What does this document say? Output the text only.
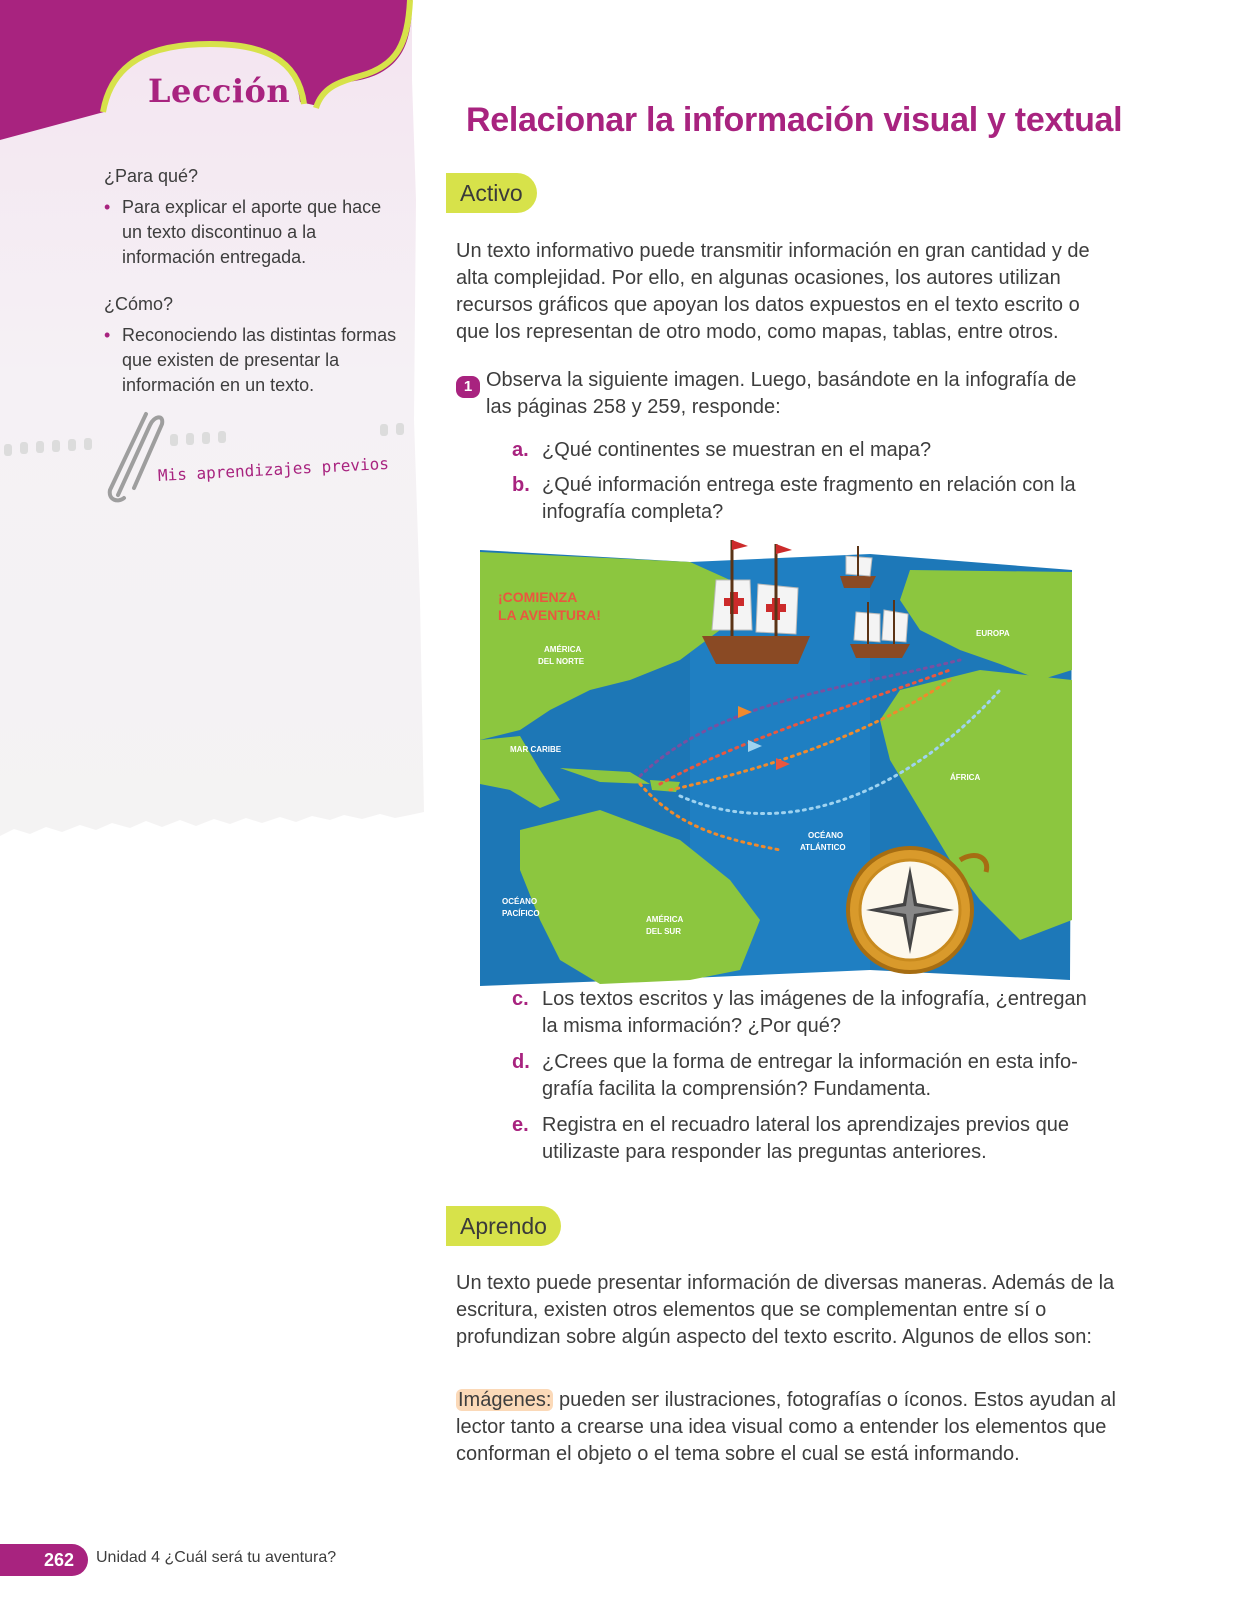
Lección
¿Para qué?
• Para explicar el aporte que hace un texto discontinuo a la información entregada.
¿Cómo?
• Reconociendo las distintas formas que existen de presentar la información en un texto.
Mis aprendizajes previos
Relacionar la información visual y textual
Activo
Un texto informativo puede transmitir información en gran cantidad y de alta complejidad. Por ello, en algunas ocasiones, los autores utilizan recursos gráficos que apoyan los datos expuestos en el texto escrito o que los representan de otro modo, como mapas, tablas, entre otros.
1 Observa la siguiente imagen. Luego, basándote en la infografía de las páginas 258 y 259, responde:
a. ¿Qué continentes se muestran en el mapa?
b. ¿Qué información entrega este fragmento en relación con la infografía completa?
¡COMIENZA
LA AVENTURA!
AMÉRICA
DEL NORTE
EUROPA
MAR CARIBE
ÁFRICA
OCÉANO
ATLÁNTICO
OCÉANO
PACÍFICO
AMÉRICA
DEL SUR
c. Los textos escritos y las imágenes de la infografía, ¿entregan la misma información? ¿Por qué?
d. ¿Crees que la forma de entregar la información en esta info-grafía facilita la comprensión? Fundamenta.
e. Registra en el recuadro lateral los aprendizajes previos que utilizaste para responder las preguntas anteriores.
Aprendo
Un texto puede presentar información de diversas maneras. Además de la escritura, existen otros elementos que se complementan entre sí o profundizan sobre algún aspecto del texto escrito. Algunos de ellos son:
Imágenes: pueden ser ilustraciones, fotografías o íconos. Estos ayudan al lector tanto a crearse una idea visual como a entender los elementos que conforman el objeto o el tema sobre el cual se está informando.
262	Unidad 4 ¿Cuál será tu aventura?
